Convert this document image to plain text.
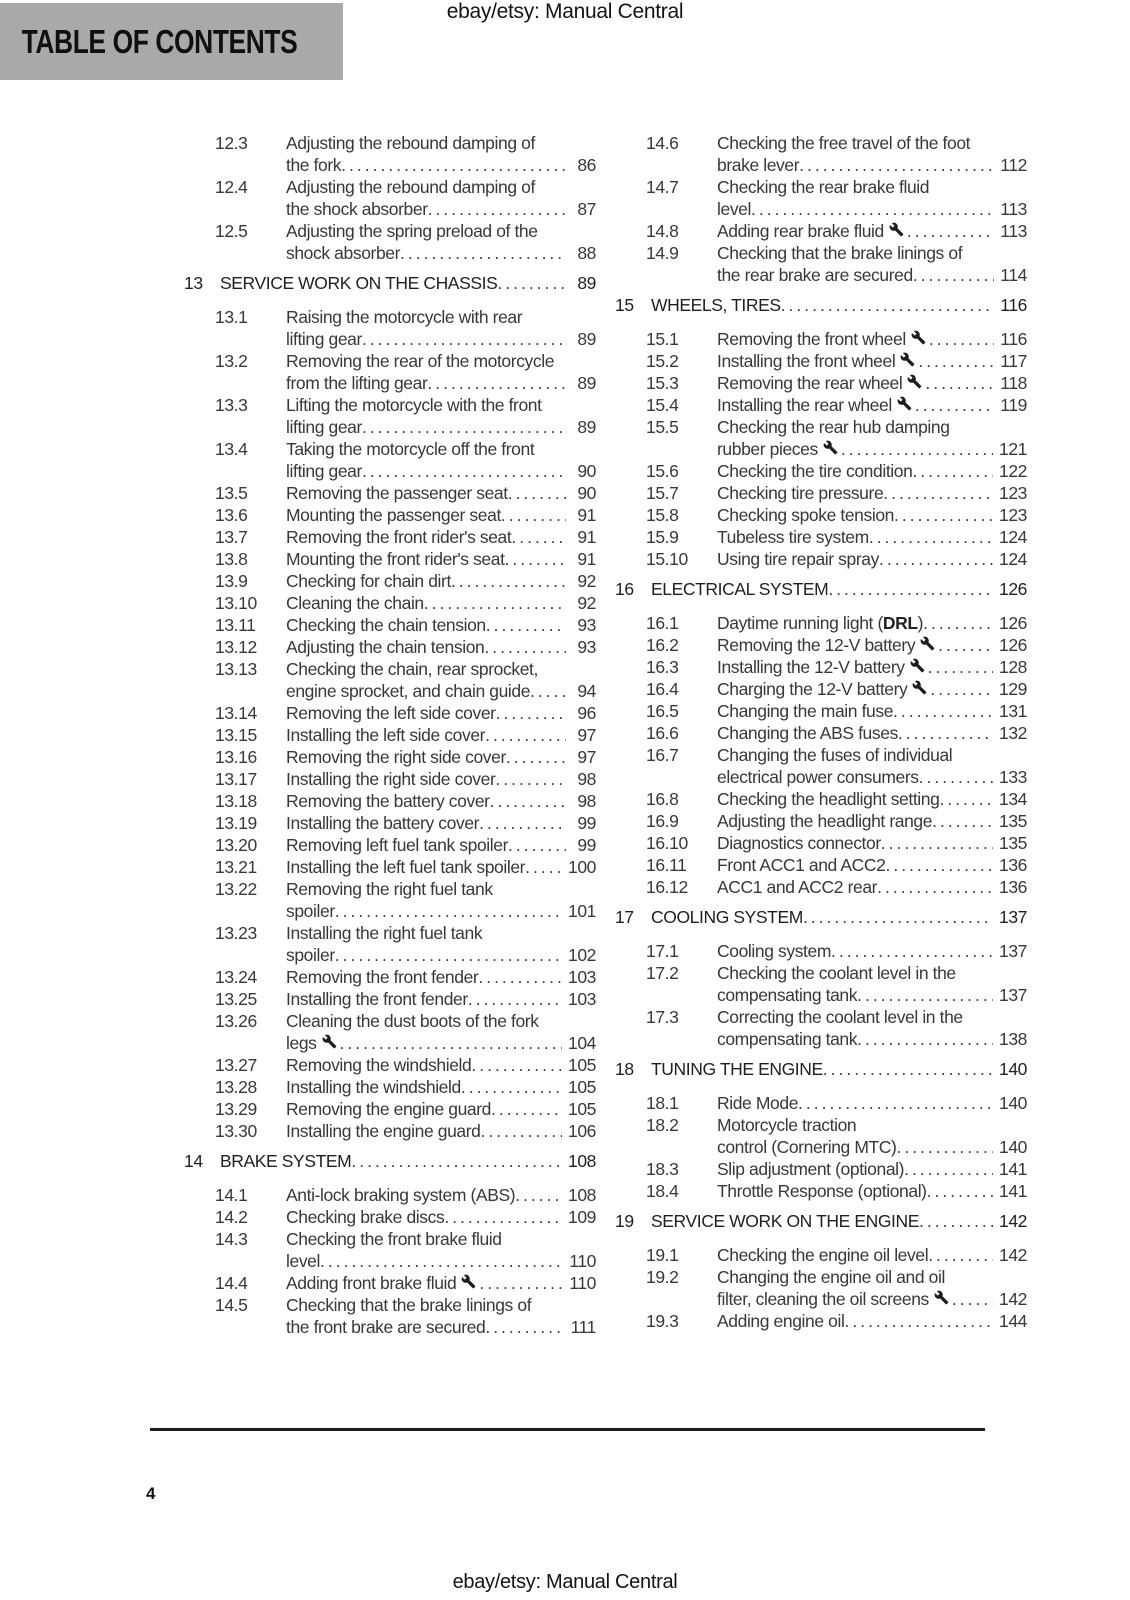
ebay/etsy: Manual Central
TABLE OF CONTENTS
12.3	Adjusting the rebound damping of
the fork .....	86
12.4	Adjusting the rebound damping of
the shock absorber .....	87
12.5	Adjusting the spring preload of the
shock absorber .....	88
13 SERVICE WORK ON THE CHASSIS .....	89
13.1	Raising the motorcycle with rear
lifting gear .....	89
13.2	Removing the rear of the motorcycle
from the lifting gear .....	89
13.3	Lifting the motorcycle with the front
lifting gear .....	89
13.4	Taking the motorcycle off the front
lifting gear .....	90
13.5	Removing the passenger seat .....	90
13.6	Mounting the passenger seat .....	91
13.7	Removing the front rider's seat .....	91
13.8	Mounting the front rider's seat .....	91
13.9	Checking for chain dirt .....	92
13.10	Cleaning the chain .....	92
13.11	Checking the chain tension .....	93
13.12	Adjusting the chain tension .....	93
13.13	Checking the chain, rear sprocket,
engine sprocket, and chain guide .....	94
13.14	Removing the left side cover .....	96
13.15	Installing the left side cover .....	97
13.16	Removing the right side cover .....	97
13.17	Installing the right side cover .....	98
13.18	Removing the battery cover .....	98
13.19	Installing the battery cover .....	99
13.20	Removing left fuel tank spoiler .....	99
13.21	Installing the left fuel tank spoiler .....	100
13.22	Removing the right fuel tank
spoiler .....	101
13.23	Installing the right fuel tank
spoiler .....	102
13.24	Removing the front fender .....	103
13.25	Installing the front fender .....	103
13.26	Cleaning the dust boots of the fork
legs .....	104
13.27	Removing the windshield .....	105
13.28	Installing the windshield .....	105
13.29	Removing the engine guard .....	105
13.30	Installing the engine guard .....	106
14 BRAKE SYSTEM .....	108
14.1	Anti-lock braking system (ABS) .....	108
14.2	Checking brake discs .....	109
14.3	Checking the front brake fluid
level .....	110
14.4	Adding front brake fluid .....	110
14.5	Checking that the brake linings of
the front brake are secured .....	111
14.6	Checking the free travel of the foot
brake lever .....	112
14.7	Checking the rear brake fluid
level .....	113
14.8	Adding rear brake fluid .....	113
14.9	Checking that the brake linings of
the rear brake are secured .....	114
15 WHEELS, TIRES .....	116
15.1	Removing the front wheel .....	116
15.2	Installing the front wheel .....	117
15.3	Removing the rear wheel .....	118
15.4	Installing the rear wheel .....	119
15.5	Checking the rear hub damping
rubber pieces .....	121
15.6	Checking the tire condition .....	122
15.7	Checking tire pressure .....	123
15.8	Checking spoke tension .....	123
15.9	Tubeless tire system .....	124
15.10	Using tire repair spray .....	124
16 ELECTRICAL SYSTEM .....	126
16.1	Daytime running light (DRL) .....	126
16.2	Removing the 12-V battery .....	126
16.3	Installing the 12-V battery .....	128
16.4	Charging the 12-V battery .....	129
16.5	Changing the main fuse .....	131
16.6	Changing the ABS fuses .....	132
16.7	Changing the fuses of individual
electrical power consumers .....	133
16.8	Checking the headlight setting .....	134
16.9	Adjusting the headlight range .....	135
16.10	Diagnostics connector .....	135
16.11	Front ACC1 and ACC2 .....	136
16.12	ACC1 and ACC2 rear .....	136
17 COOLING SYSTEM .....	137
17.1	Cooling system .....	137
17.2	Checking the coolant level in the
compensating tank .....	137
17.3	Correcting the coolant level in the
compensating tank .....	138
18 TUNING THE ENGINE .....	140
18.1	Ride Mode .....	140
18.2	Motorcycle traction
control (Cornering MTC) .....	140
18.3	Slip adjustment (optional) .....	141
18.4	Throttle Response (optional) .....	141
19 SERVICE WORK ON THE ENGINE .....	142
19.1	Checking the engine oil level .....	142
19.2	Changing the engine oil and oil
filter, cleaning the oil screens .....	142
19.3	Adding engine oil .....	144
4
ebay/etsy: Manual Central
